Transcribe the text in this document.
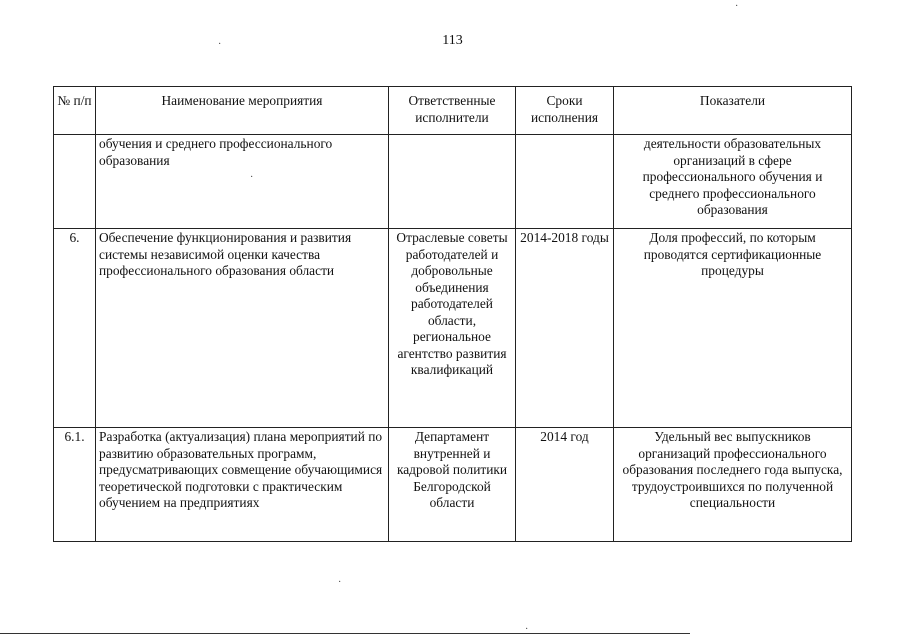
113
№ п/п	Наименование мероприятия	Ответственные исполнители	Сроки исполнения	Показатели
	обучения и среднего профессионального образования			деятельности образовательных организаций в сфере профессионального обучения и среднего профессионального образования
6.	Обеспечение функционирования и развития системы независимой оценки качества профессионального образования области	Отраслевые советы работодателей и добровольные объединения работодателей области, региональное агентство развития квалификаций	2014-2018 годы	Доля профессий, по которым проводятся сертификационные процедуры
6.1.	Разработка (актуализация) плана мероприятий по развитию образовательных программ, предусматривающих совмещение обучающимися теоретической подготовки с практическим обучением на предприятиях	Департамент внутренней и кадровой политики Белгородской области	2014 год	Удельный вес выпускников организаций профессионального образования последнего года выпуска, трудоустроившихся по полученной специальности
·
·
·
·
·
